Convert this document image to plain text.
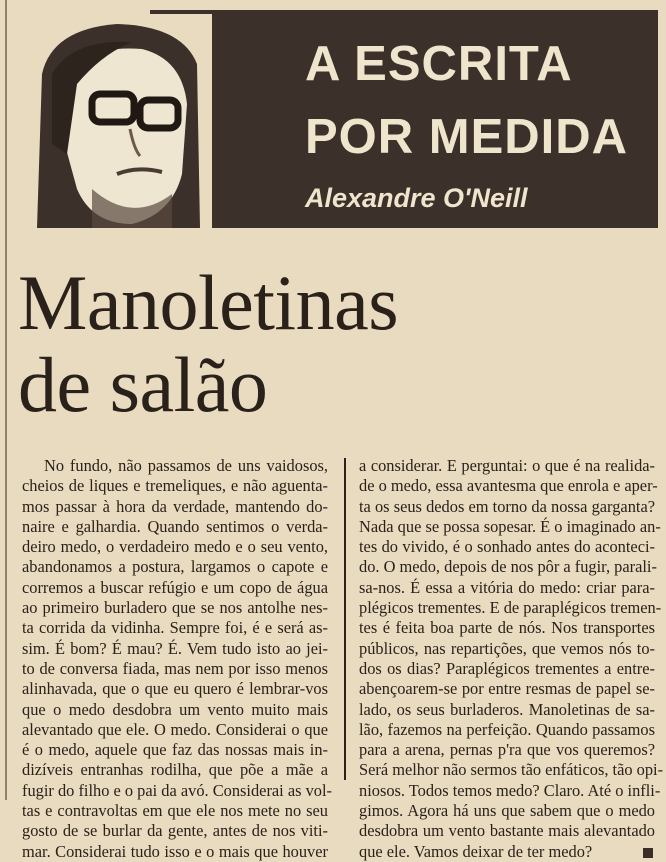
A ESCRITA
POR MEDIDA
Alexandre O'Neill
Manoletinas
de salão
No fundo, não passamos de uns vaidosos,
cheios de liques e tremeliques, e não aguenta-
mos passar à hora da verdade, mantendo do-
naire e galhardia. Quando sentimos o verda-
deiro medo, o verdadeiro medo e o seu vento,
abandonamos a postura, largamos o capote e
corremos a buscar refúgio e um copo de água
ao primeiro burladero que se nos antolhe nes-
ta corrida da vidinha. Sempre foi, é e será as-
sim. É bom? É mau? É. Vem tudo isto ao jei-
to de conversa fiada, mas nem por isso menos
alinhavada, que o que eu quero é lembrar-vos
que o medo desdobra um vento muito mais
alevantado que ele. O medo. Considerai o que
é o medo, aquele que faz das nossas mais in-
dizíveis entranhas rodilha, que põe a mãe a
fugir do filho e o pai da avó. Considerai as vol-
tas e contravoltas em que ele nos mete no seu
gosto de se burlar da gente, antes de nos viti-
mar. Considerai tudo isso e o mais que houver
a considerar. E perguntai: o que é na realida-
de o medo, essa avantesma que enrola e aper-
ta os seus dedos em torno da nossa garganta?
Nada que se possa sopesar. É o imaginado an-
tes do vivido, é o sonhado antes do aconteci-
do. O medo, depois de nos pôr a fugir, parali-
sa-nos. É essa a vitória do medo: criar para-
plégicos trementes. E de paraplégicos tremen-
tes é feita boa parte de nós. Nos transportes
públicos, nas repartições, que vemos nós to-
dos os dias? Paraplégicos trementes a entre-
abençoarem-se por entre resmas de papel se-
lado, os seus burladeros. Manoletinas de sa-
lão, fazemos na perfeição. Quando passamos
para a arena, pernas p'ra que vos queremos?
Será melhor não sermos tão enfáticos, tão opi-
niosos. Todos temos medo? Claro. Até o infli-
gimos. Agora há uns que sabem que o medo
desdobra um vento bastante mais alevantado
que ele. Vamos deixar de ter medo?
